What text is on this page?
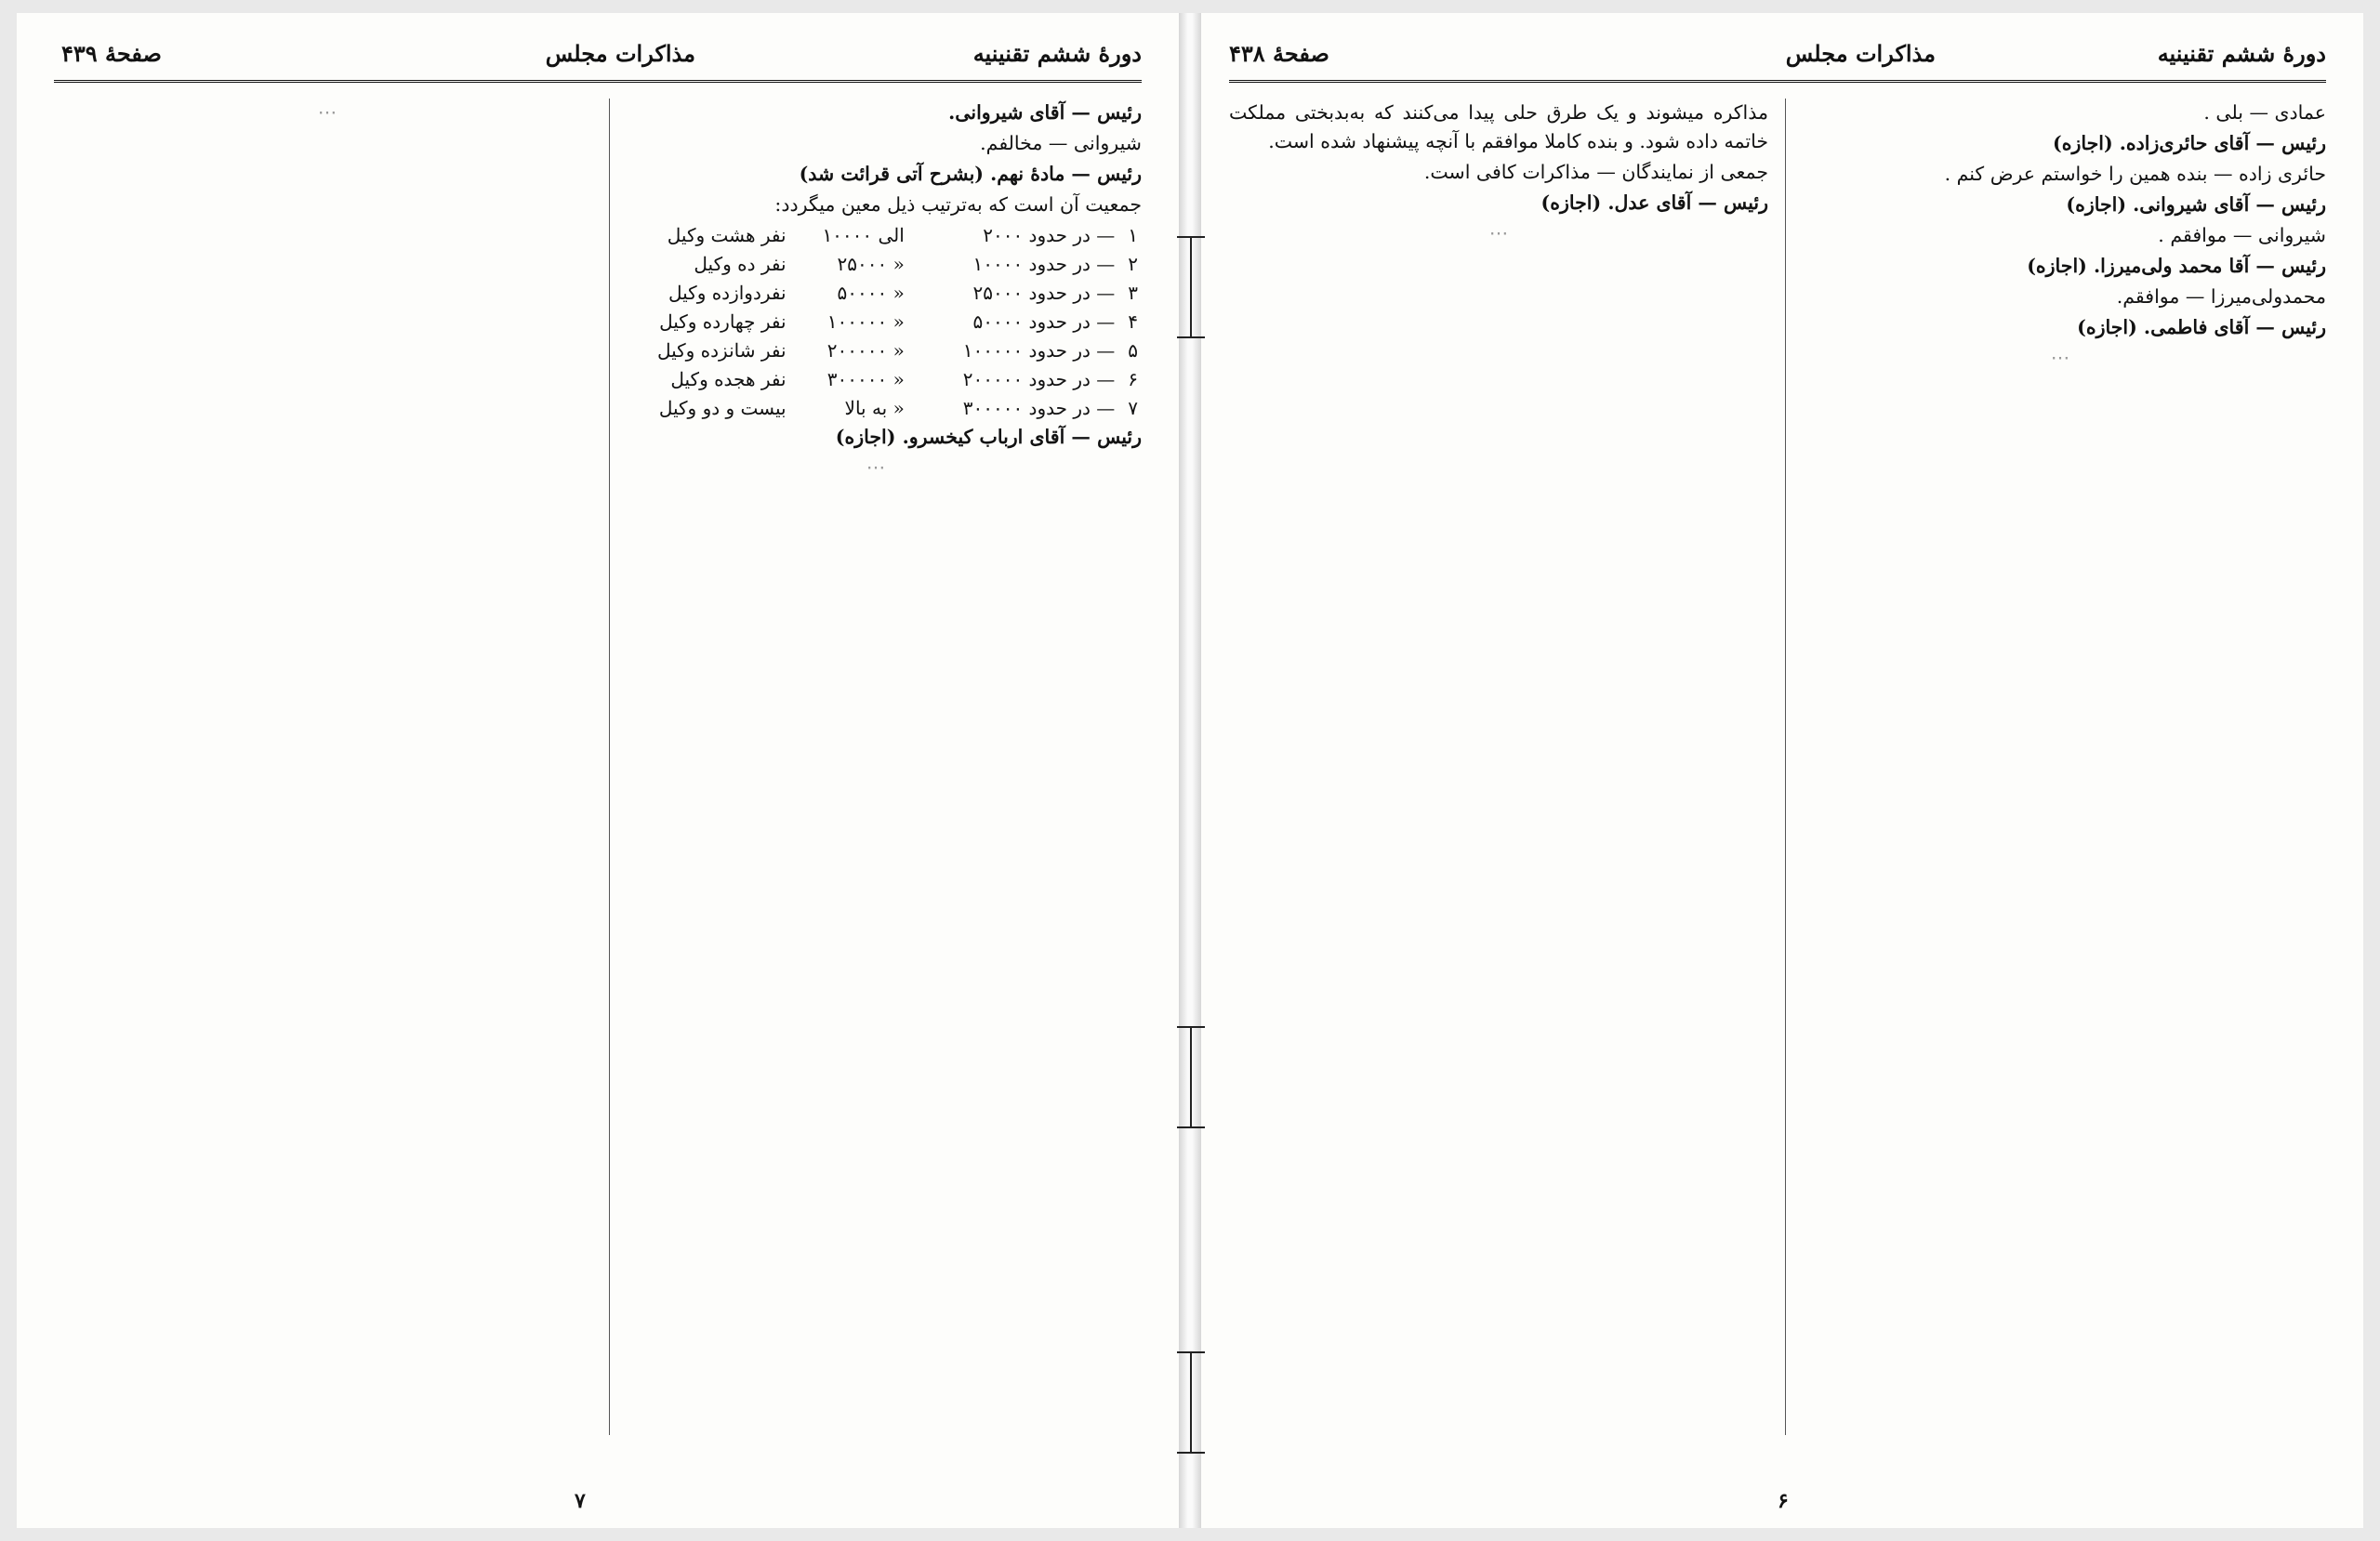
دورهٔ ششم تقنینیه
مذاکرات مجلس
صفحهٔ ۴۳۹

رئیس — آقای شیروانی.

شیروانی — مخالفم.

رئیس — مادهٔ نهم. (بشرح آتی قرائت شد)

جمعیت آن است که به‌ترتیب ذیل معین میگردد:

۱	— در حدود ۲۰۰۰	الی ۱۰۰۰۰	نفر هشت وکیل
۲	— در حدود ۱۰۰۰۰	« ۲۵۰۰۰	نفر ده وکیل
۳	— در حدود ۲۵۰۰۰	« ۵۰۰۰۰	نفردوازده وکیل
۴	— در حدود ۵۰۰۰۰	« ۱۰۰۰۰۰	نفر چهارده وکیل
۵	— در حدود ۱۰۰۰۰۰	« ۲۰۰۰۰۰	نفر شانزده وکیل
۶	— در حدود ۲۰۰۰۰۰	« ۳۰۰۰۰۰	نفر هجده وکیل
۷	— در حدود ۳۰۰۰۰۰	« به بالا	بیست و دو وکیل

رئیس — آقای ارباب کیخسرو. (اجازه)

⋯

⋯

۷
دورهٔ ششم تقنینیه
مذاکرات مجلس
صفحهٔ ۴۳۸

عمادی — بلی .

رئیس — آقای حائری‌زاده. (اجازه)

حائری زاده — بنده همین را خواستم عرض کنم .

رئیس — آقای شیروانی. (اجازه)

شیروانی — موافقم .

رئیس — آقا محمد ولی‌میرزا. (اجازه)

محمدولی‌میرزا — موافقم.

رئیس — آقای فاطمی. (اجازه)

⋯

مذاکره میشوند و یک طرق حلی پیدا می‌کنند که به‌بدبختی مملکت خاتمه داده شود. و بنده کاملا موافقم با آنچه پیشنهاد شده است.

جمعی از نمایندگان — مذاکرات کافی است.

رئیس — آقای عدل. (اجازه)

⋯

۶
